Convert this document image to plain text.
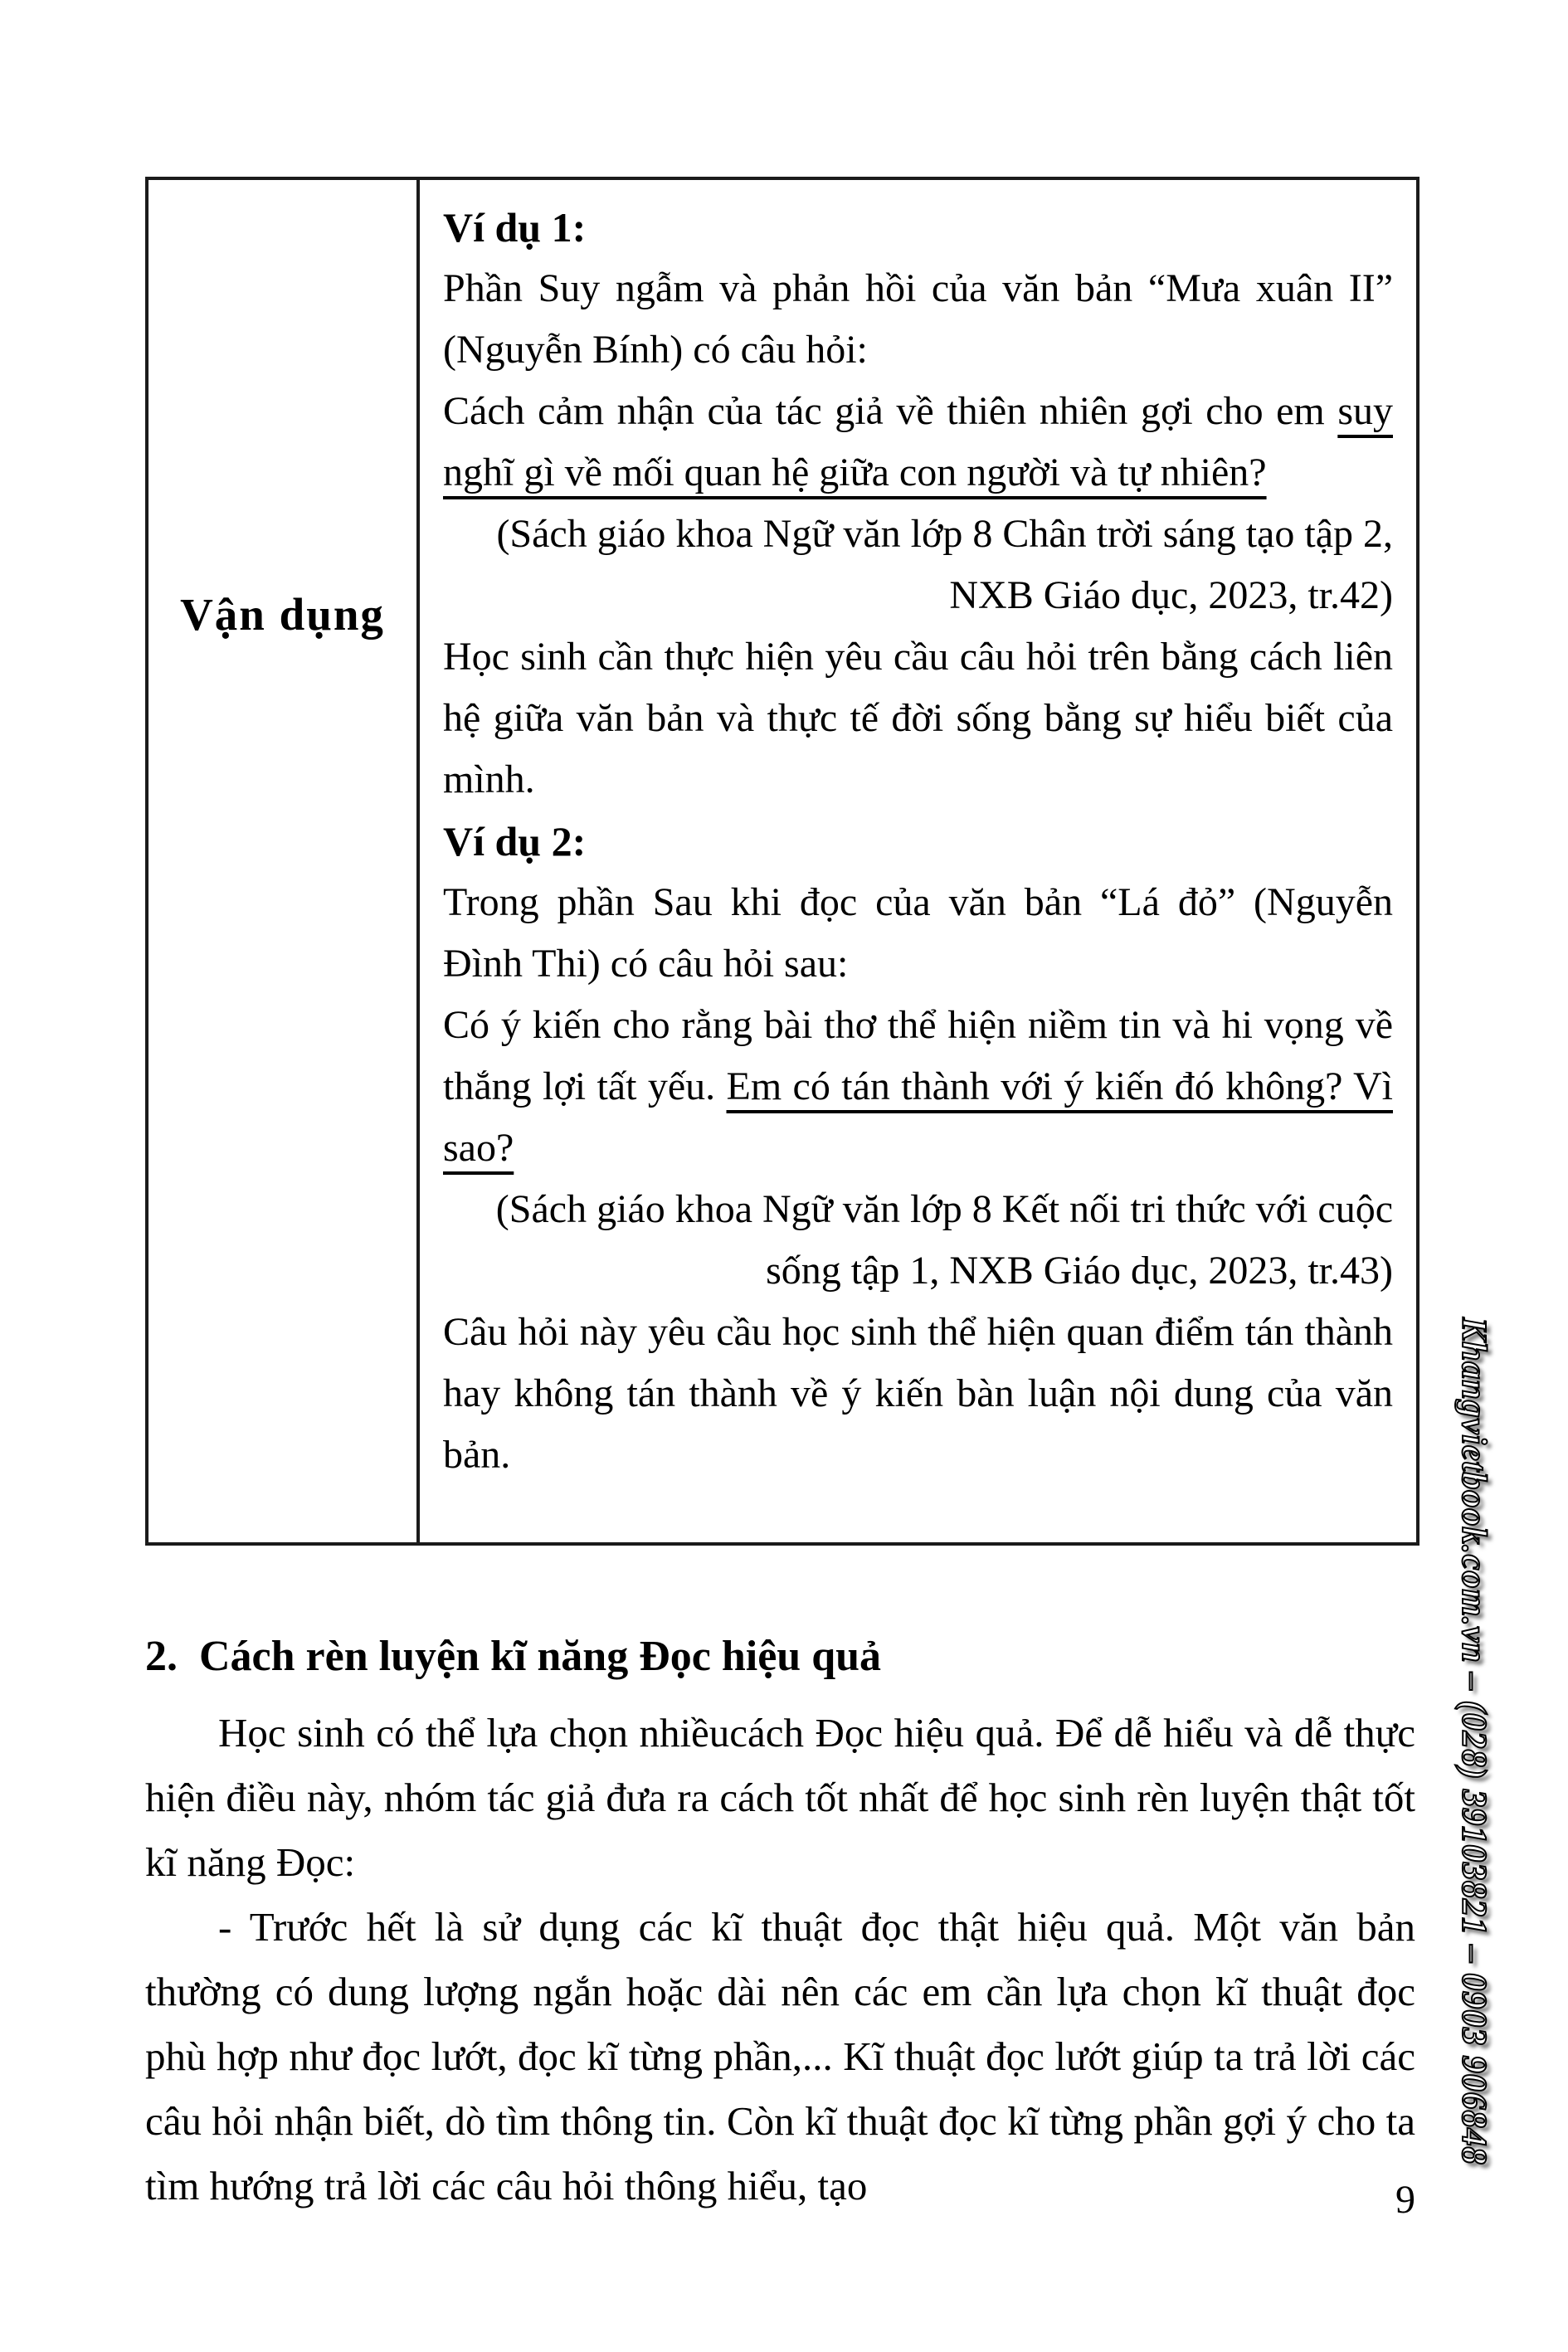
Vận dụng

Ví dụ 1:

Phần Suy ngẫm và phản hồi của văn bản “Mưa xuân II” (Nguyễn Bính) có câu hỏi:

Cách cảm nhận của tác giả về thiên nhiên gợi cho em suy nghĩ gì về mối quan hệ giữa con người và tự nhiên?

(Sách giáo khoa Ngữ văn lớp 8 Chân trời sáng tạo tập 2, NXB Giáo dục, 2023, tr.42)

Học sinh cần thực hiện yêu cầu câu hỏi trên bằng cách liên hệ giữa văn bản và thực tế đời sống bằng sự hiểu biết của mình.

Ví dụ 2:

Trong phần Sau khi đọc của văn bản “Lá đỏ” (Nguyễn Đình Thi) có câu hỏi sau:

Có ý kiến cho rằng bài thơ thể hiện niềm tin và hi vọng về thắng lợi tất yếu. Em có tán thành với ý kiến đó không? Vì sao?

(Sách giáo khoa Ngữ văn lớp 8 Kết nối tri thức với cuộc sống tập 1, NXB Giáo dục, 2023, tr.43)

Câu hỏi này yêu cầu học sinh thể hiện quan điểm tán thành hay không tán thành về ý kiến bàn luận nội dung của văn bản.

2. Cách rèn luyện kĩ năng Đọc hiệu quả

Học sinh có thể lựa chọn nhiềucách Đọc hiệu quả. Để dễ hiểu và dễ thực hiện điều này, nhóm tác giả đưa ra cách tốt nhất để học sinh rèn luyện thật tốt kĩ năng Đọc:

- Trước hết là sử dụng các kĩ thuật đọc thật hiệu quả. Một văn bản thường có dung lượng ngắn hoặc dài nên các em cần lựa chọn kĩ thuật đọc phù hợp như đọc lướt, đọc kĩ từng phần,... Kĩ thuật đọc lướt giúp ta trả lời các câu hỏi nhận biết, dò tìm thông tin. Còn kĩ thuật đọc kĩ từng phần gợi ý cho ta tìm hướng trả lời các câu hỏi thông hiểu, tạo

Khangvietbook.com.vn – (028) 39103821 – 0903 906848
9
